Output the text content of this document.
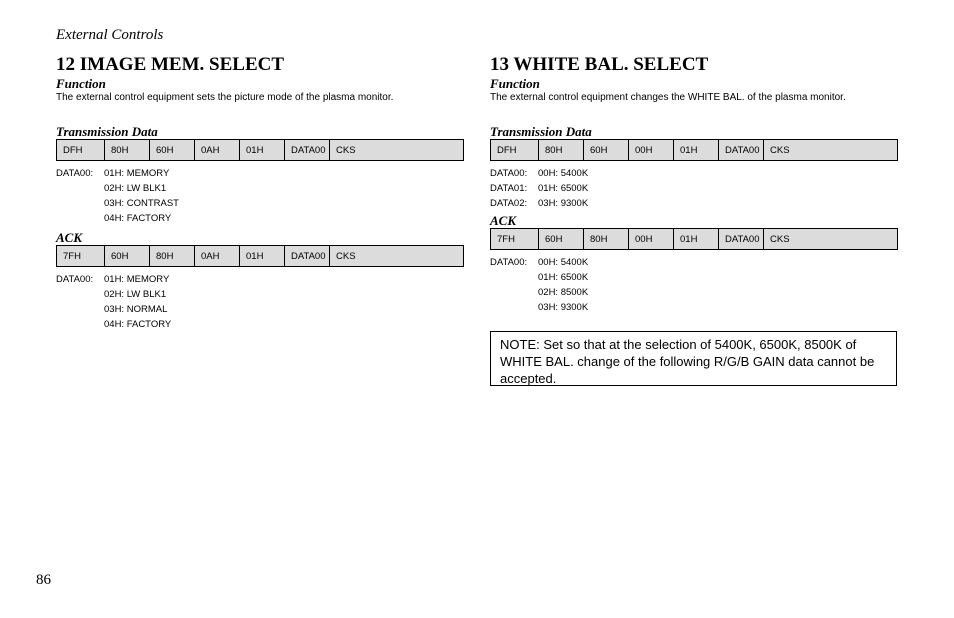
External Controls
12 IMAGE MEM. SELECT
Function
The external control equipment sets the picture mode of the plasma monitor.
Transmission Data
DFH	80H	60H	0AH	01H	DATA00	CKS
DATA00:	01H: MEMORY
02H: LW BLK1
03H: CONTRAST
04H: FACTORY
ACK
7FH	60H	80H	0AH	01H	DATA00	CKS
DATA00:	01H: MEMORY
02H: LW BLK1
03H: NORMAL
04H: FACTORY
13 WHITE BAL. SELECT
Function
The external control equipment changes the WHITE BAL. of the plasma monitor.
Transmission Data
DFH	80H	60H	00H	01H	DATA00	CKS
DATA00:	00H: 5400K
DATA01:	01H: 6500K
DATA02:	03H: 9300K
ACK
7FH	60H	80H	00H	01H	DATA00	CKS
DATA00:	00H: 5400K
01H: 6500K
02H: 8500K
03H: 9300K
NOTE: Set so that at the selection of 5400K, 6500K, 8500K of WHITE BAL. change of the following R/G/B GAIN data cannot be accepted.
86
